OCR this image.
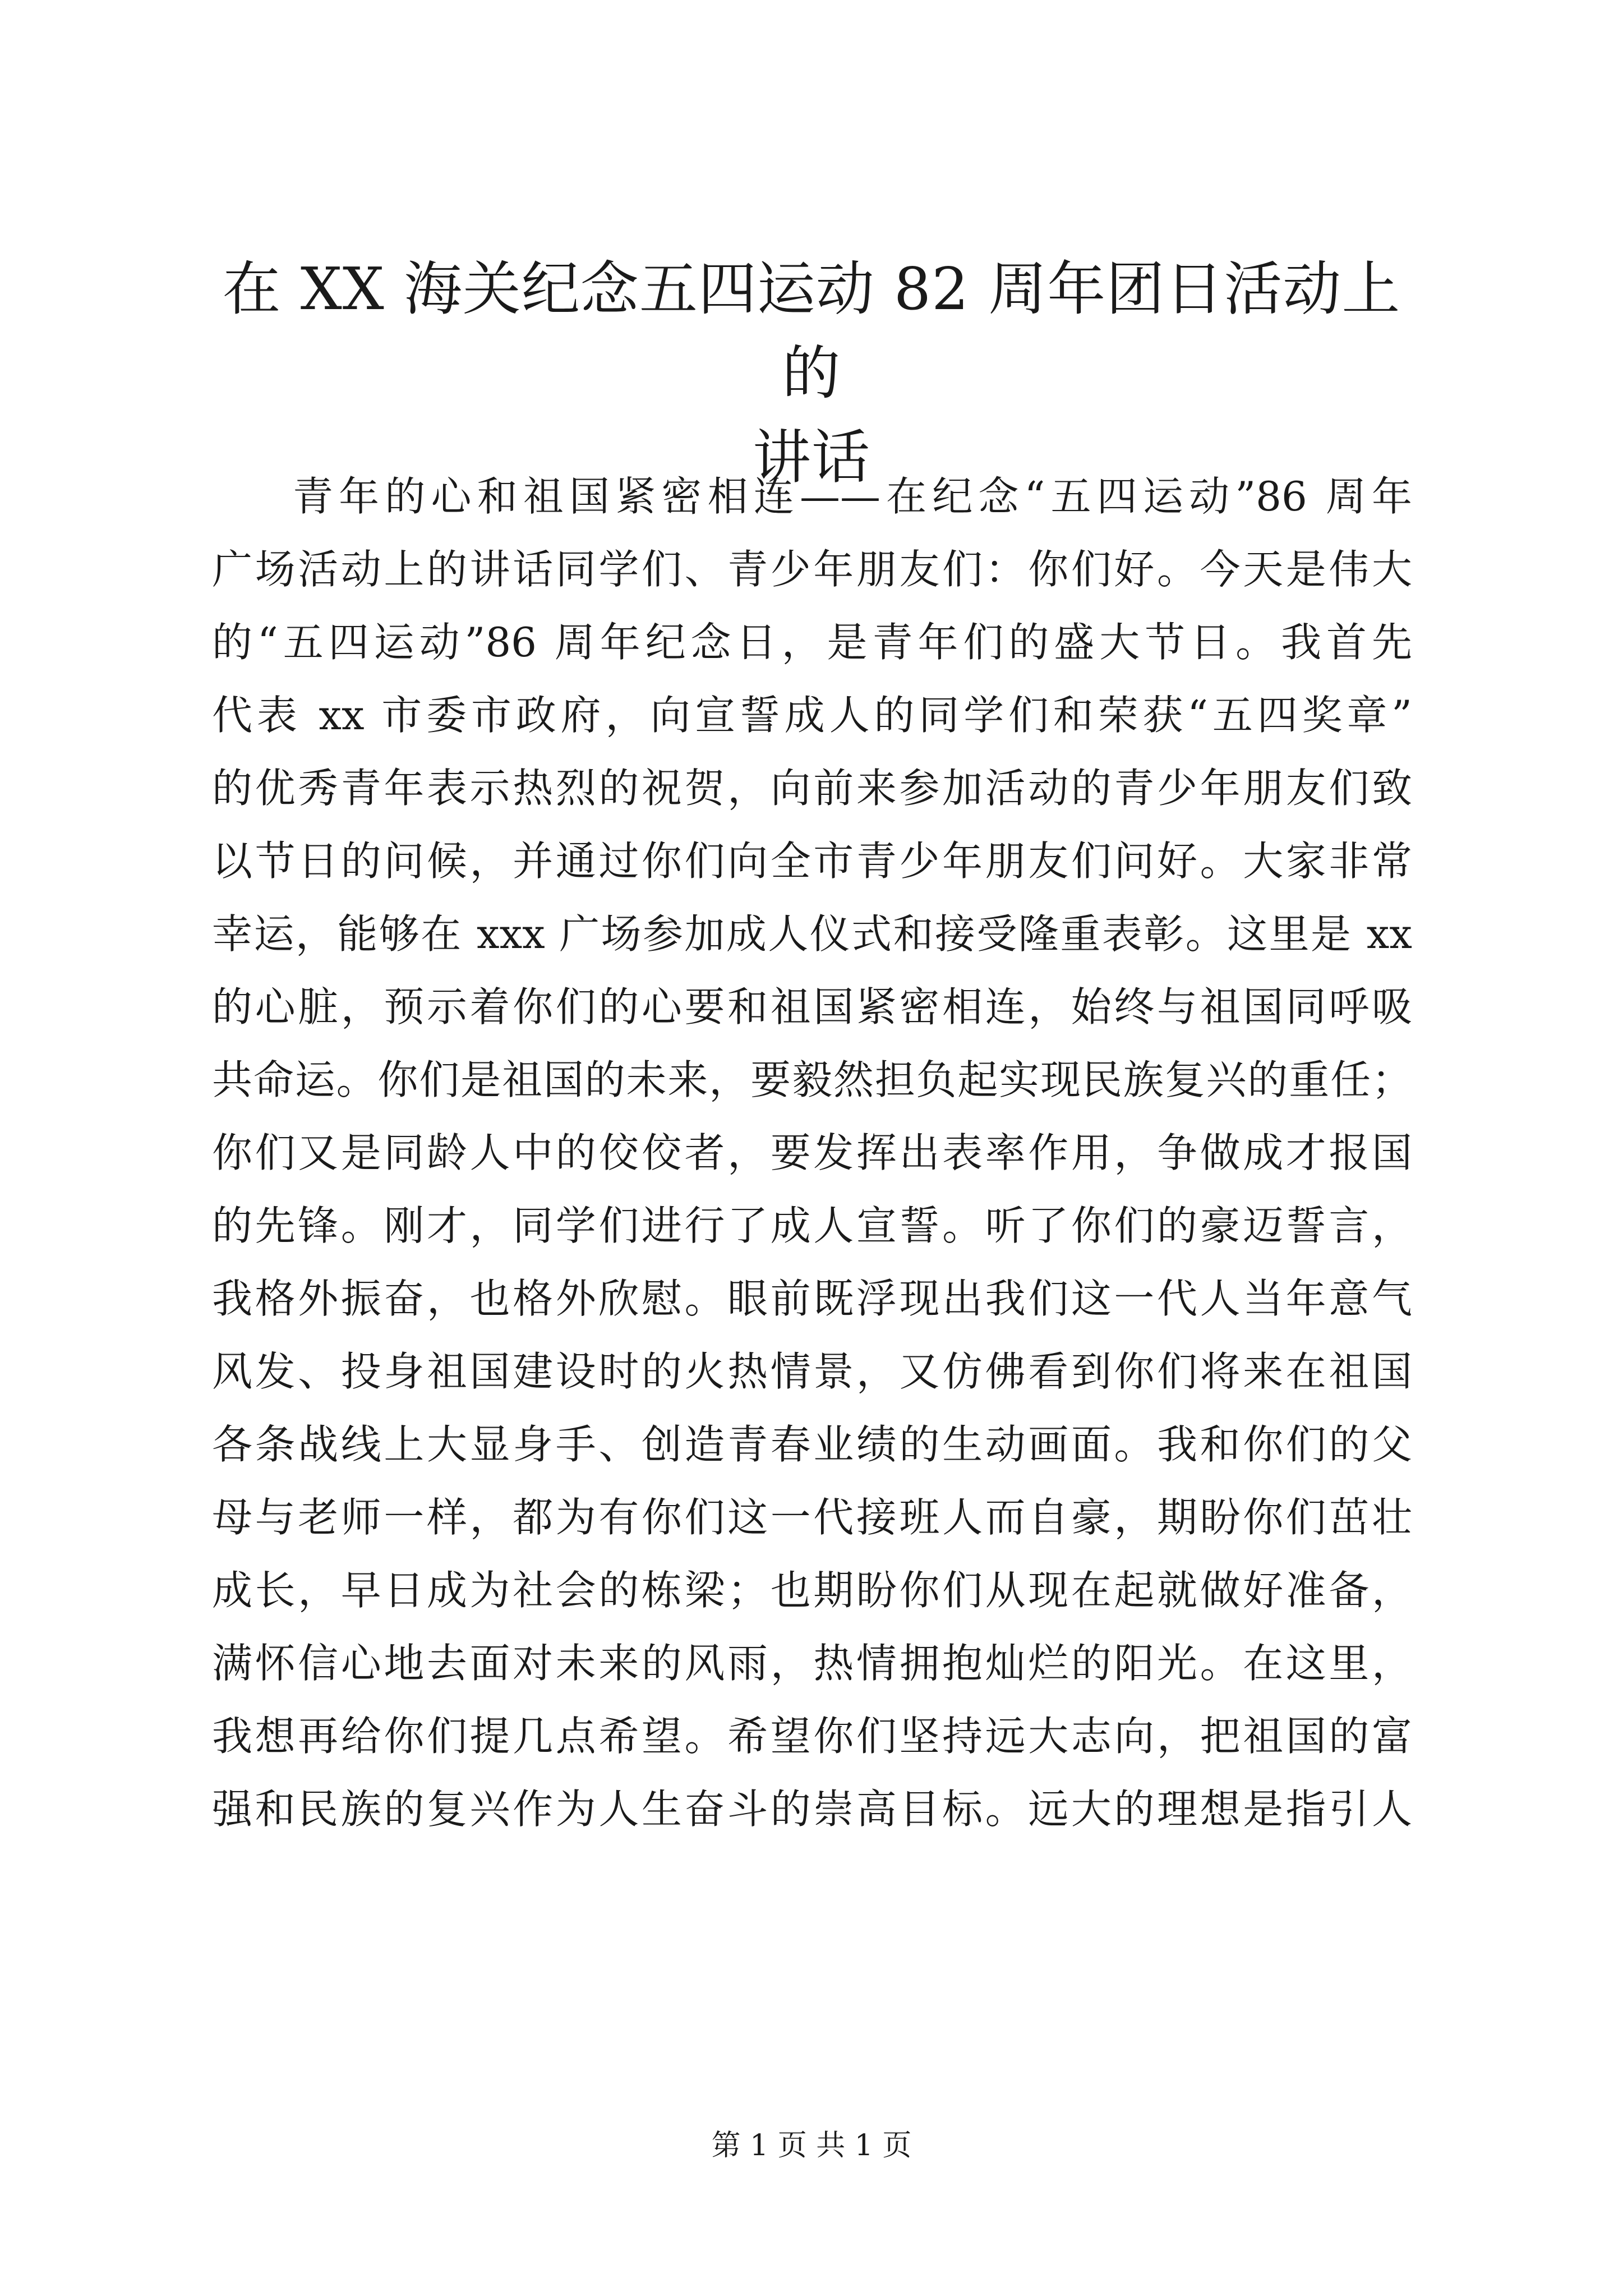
在 XX 海关纪念五四运动 82 周年团日活动上的
讲话
青年的心和祖国紧密相连——在纪念“五四运动”86 周年
广场活动上的讲话同学们、青少年朋友们：你们好。今天是伟大
的“五四运动”86 周年纪念日，是青年们的盛大节日。我首先
代表 xx 市委市政府，向宣誓成人的同学们和荣获“五四奖章”
的优秀青年表示热烈的祝贺，向前来参加活动的青少年朋友们致
以节日的问候，并通过你们向全市青少年朋友们问好。大家非常
幸运，能够在 xxx 广场参加成人仪式和接受隆重表彰。这里是 xx
的心脏，预示着你们的心要和祖国紧密相连，始终与祖国同呼吸
共命运。你们是祖国的未来，要毅然担负起实现民族复兴的重任；
你们又是同龄人中的佼佼者，要发挥出表率作用，争做成才报国
的先锋。刚才，同学们进行了成人宣誓。听了你们的豪迈誓言，
我格外振奋，也格外欣慰。眼前既浮现出我们这一代人当年意气
风发、投身祖国建设时的火热情景，又仿佛看到你们将来在祖国
各条战线上大显身手、创造青春业绩的生动画面。我和你们的父
母与老师一样，都为有你们这一代接班人而自豪，期盼你们茁壮
成长，早日成为社会的栋梁；也期盼你们从现在起就做好准备，
满怀信心地去面对未来的风雨，热情拥抱灿烂的阳光。在这里，
我想再给你们提几点希望。希望你们坚持远大志向，把祖国的富
强和民族的复兴作为人生奋斗的崇高目标。远大的理想是指引人
第 1 页 共 1 页
